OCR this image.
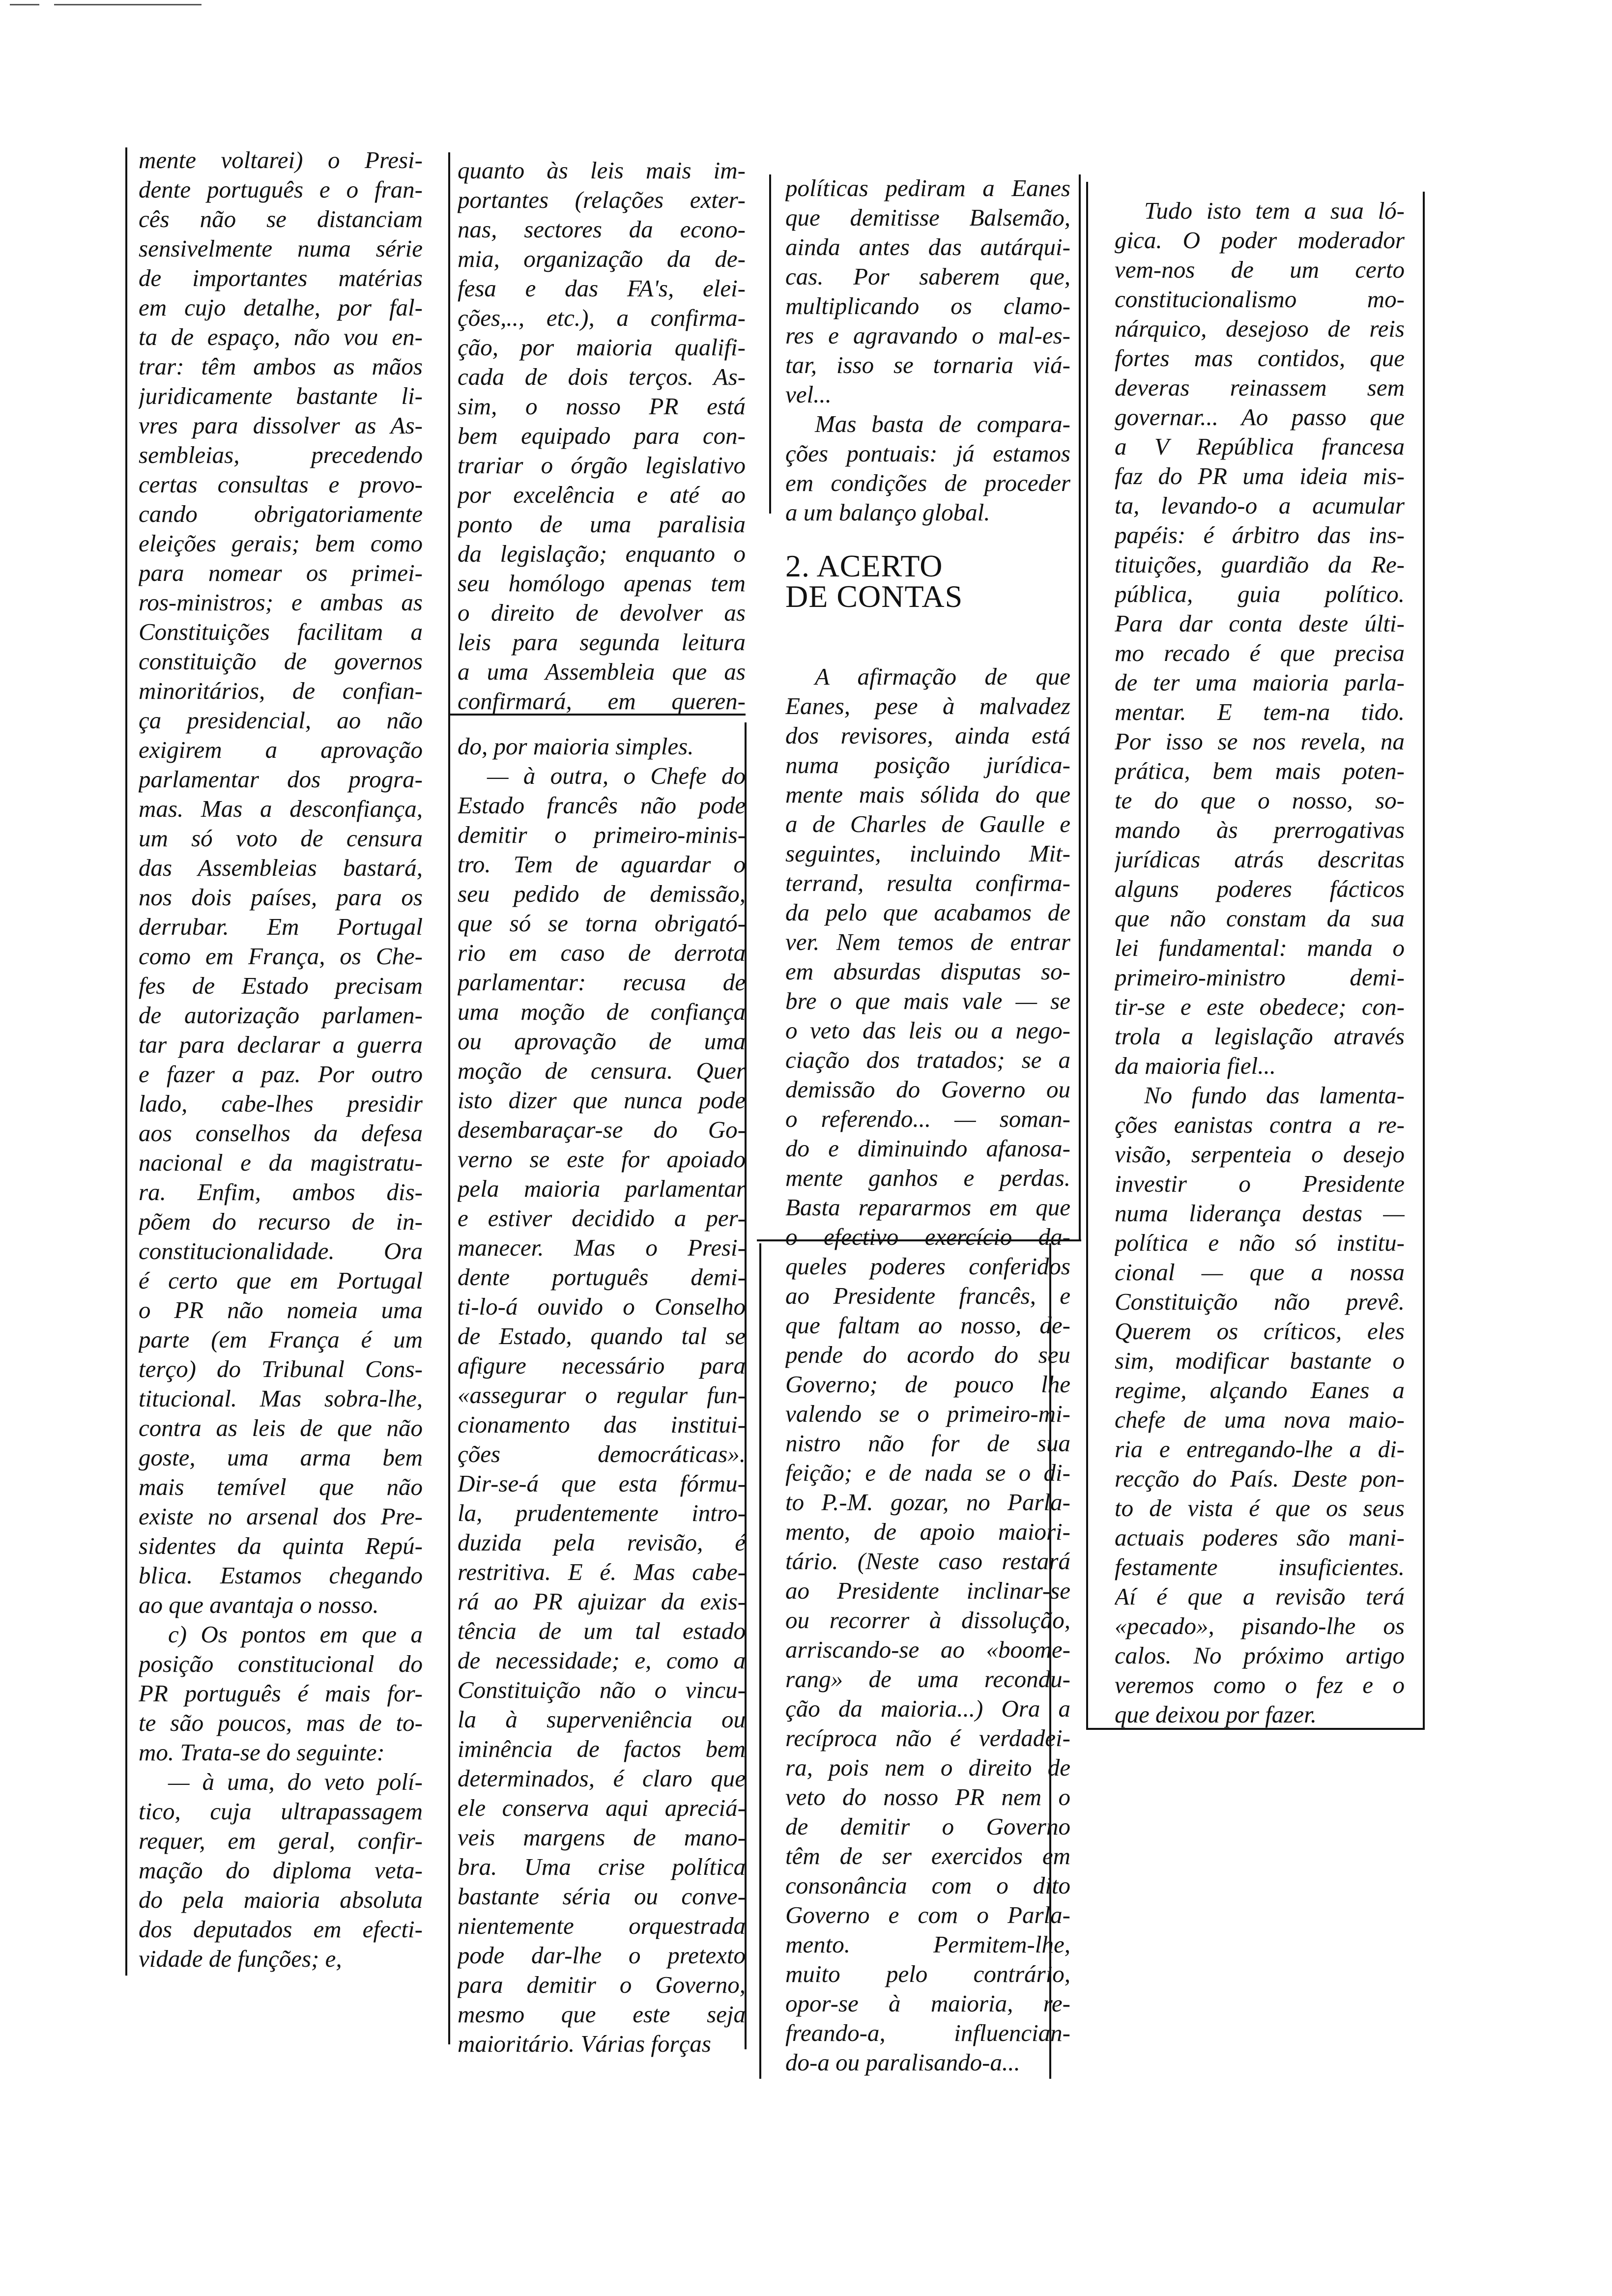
mente voltarei) o Presi-
dente português e o fran-
cês não se distanciam
sensivelmente numa série
de importantes matérias
em cujo detalhe, por fal-
ta de espaço, não vou en-
trar: têm ambos as mãos
juridicamente bastante li-
vres para dissolver as As-
sembleias, precedendo
certas consultas e provo-
cando obrigatoriamente
eleições gerais; bem como
para nomear os primei-
ros-ministros; e ambas as
Constituições facilitam a
constituição de governos
minoritários, de confian-
ça presidencial, ao não
exigirem a aprovação
parlamentar dos progra-
mas. Mas a desconfiança,
um só voto de censura
das Assembleias bastará,
nos dois países, para os
derrubar. Em Portugal
como em França, os Che-
fes de Estado precisam
de autorização parlamen-
tar para declarar a guerra
e fazer a paz. Por outro
lado, cabe-lhes presidir
aos conselhos da defesa
nacional e da magistratu-
ra. Enfim, ambos dis-
põem do recurso de in-
constitucionalidade. Ora
é certo que em Portugal
o PR não nomeia uma
parte (em França é um
terço) do Tribunal Cons-
titucional. Mas sobra-lhe,
contra as leis de que não
goste, uma arma bem
mais temível que não
existe no arsenal dos Pre-
sidentes da quinta Repú-
blica. Estamos chegando
ao que avantaja o nosso.
c) Os pontos em que a
posição constitucional do
PR português é mais for-
te são poucos, mas de to-
mo. Trata-se do seguinte:
— à uma, do veto polí-
tico, cuja ultrapassagem
requer, em geral, confir-
mação do diploma veta-
do pela maioria absoluta
dos deputados em efecti-
vidade de funções; e,
quanto às leis mais im-
portantes (relações exter-
nas, sectores da econo-
mia, organização da de-
fesa e das FA's, elei-
ções,.., etc.), a confirma-
ção, por maioria qualifi-
cada de dois terços. As-
sim, o nosso PR está
bem equipado para con-
trariar o órgão legislativo
por excelência e até ao
ponto de uma paralisia
da legislação; enquanto o
seu homólogo apenas tem
o direito de devolver as
leis para segunda leitura
a uma Assembleia que as
confirmará, em queren-
do, por maioria simples.
— à outra, o Chefe do
Estado francês não pode
demitir o primeiro-minis-
tro. Tem de aguardar o
seu pedido de demissão,
que só se torna obrigató-
rio em caso de derrota
parlamentar: recusa de
uma moção de confiança
ou aprovação de uma
moção de censura. Quer
isto dizer que nunca pode
desembaraçar-se do Go-
verno se este for apoiado
pela maioria parlamentar
e estiver decidido a per-
manecer. Mas o Presi-
dente português demi-
ti-lo-á ouvido o Conselho
de Estado, quando tal se
afigure necessário para
«assegurar o regular fun-
cionamento das institui-
ções democráticas».
Dir-se-á que esta fórmu-
la, prudentemente intro-
duzida pela revisão, é
restritiva. E é. Mas cabe-
rá ao PR ajuizar da exis-
tência de um tal estado
de necessidade; e, como a
Constituição não o vincu-
la à superveniência ou
iminência de factos bem
determinados, é claro que
ele conserva aqui apreciá-
veis margens de mano-
bra. Uma crise política
bastante séria ou conve-
nientemente orquestrada
pode dar-lhe o pretexto
para demitir o Governo,
mesmo que este seja
maioritário. Várias forças
políticas pediram a Eanes
que demitisse Balsemão,
ainda antes das autárqui-
cas. Por saberem que,
multiplicando os clamo-
res e agravando o mal-es-
tar, isso se tornaria viá-
vel...
Mas basta de compara-
ções pontuais: já estamos
em condições de proceder
a um balanço global.
2. ACERTO
DE CONTAS
A afirmação de que
Eanes, pese à malvadez
dos revisores, ainda está
numa posição jurídica-
mente mais sólida do que
a de Charles de Gaulle e
seguintes, incluindo Mit-
terrand, resulta confirma-
da pelo que acabamos de
ver. Nem temos de entrar
em absurdas disputas so-
bre o que mais vale — se
o veto das leis ou a nego-
ciação dos tratados; se a
demissão do Governo ou
o referendo... — soman-
do e diminuindo afanosa-
mente ganhos e perdas.
Basta repararmos em que
o efectivo exercício da-
queles poderes conferidos
ao Presidente francês, e
que faltam ao nosso, de-
pende do acordo do seu
Governo; de pouco lhe
valendo se o primeiro-mi-
nistro não for de sua
feição; e de nada se o di-
to P.-M. gozar, no Parla-
mento, de apoio maiori-
tário. (Neste caso restará
ao Presidente inclinar-se
ou recorrer à dissolução,
arriscando-se ao «boome-
rang» de uma recondu-
ção da maioria...) Ora a
recíproca não é verdadei-
ra, pois nem o direito de
veto do nosso PR nem o
de demitir o Governo
têm de ser exercidos em
consonância com o dito
Governo e com o Parla-
mento. Permitem-lhe,
muito pelo contrário,
opor-se à maioria, re-
freando-a, influencian-
do-a ou paralisando-a...
Tudo isto tem a sua ló-
gica. O poder moderador
vem-nos de um certo
constitucionalismo mo-
nárquico, desejoso de reis
fortes mas contidos, que
deveras reinassem sem
governar... Ao passo que
a V República francesa
faz do PR uma ideia mis-
ta, levando-o a acumular
papéis: é árbitro das ins-
tituições, guardião da Re-
pública, guia político.
Para dar conta deste últi-
mo recado é que precisa
de ter uma maioria parla-
mentar. E tem-na tido.
Por isso se nos revela, na
prática, bem mais poten-
te do que o nosso, so-
mando às prerrogativas
jurídicas atrás descritas
alguns poderes fácticos
que não constam da sua
lei fundamental: manda o
primeiro-ministro demi-
tir-se e este obedece; con-
trola a legislação através
da maioria fiel...
No fundo das lamenta-
ções eanistas contra a re-
visão, serpenteia o desejo
investir o Presidente
numa liderança destas —
política e não só institu-
cional — que a nossa
Constituição não prevê.
Querem os críticos, eles
sim, modificar bastante o
regime, alçando Eanes a
chefe de uma nova maio-
ria e entregando-lhe a di-
recção do País. Deste pon-
to de vista é que os seus
actuais poderes são mani-
festamente insuficientes.
Aí é que a revisão terá
«pecado», pisando-lhe os
calos. No próximo artigo
veremos como o fez e o
que deixou por fazer.
